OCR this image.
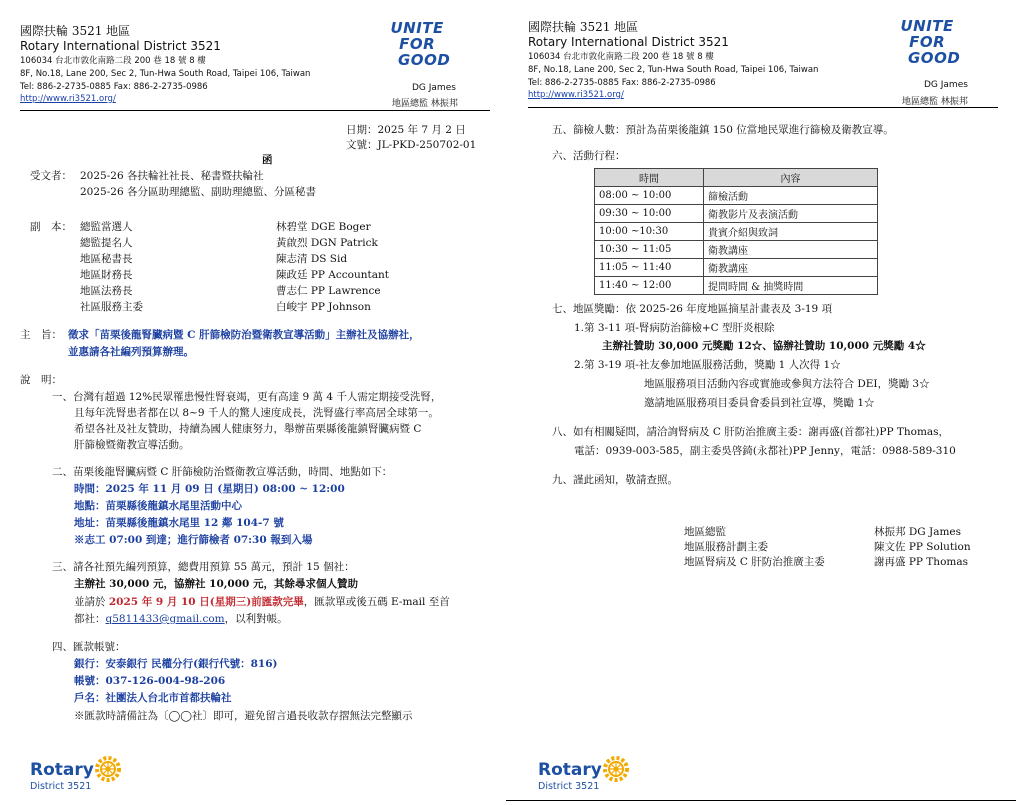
國際扶輪 3521 地區
Rotary International District 3521
106034 台北市敦化南路二段 200 巷 18 號 8 樓
8F, No.18, Lane 200, Sec 2, Tun-Hwa South Road, Taipei 106, Taiwan
Tel: 886-2-2735-0885 Fax: 886-2-2735-0986
http://www.ri3521.org/
UNITE
FOR
GOOD
DG James
地區總監 林振邦
日期：2025 年 7 月 2 日
文號：JL-PKD-250702-01
函
受文者： 2025-26 各扶輪社社長、秘書暨扶輪社
2025-26 各分區助理總監、副助理總監、分區秘書
副　本： 總監當選人	林碧堂 DGE Boger
總監提名人	黃啟烈 DGN Patrick
地區秘書長	陳志清 DS Sid
地區財務長	陳政廷 PP Accountant
地區法務長	曹志仁 PP Lawrence
社區服務主委	白峻宇 PP Johnson
主　旨： 徵求「苗栗後龍腎臟病暨 C 肝篩檢防治暨衛教宣導活動」主辦社及協辦社，
並惠請各社編列預算辦理。
說　明：
一、台灣有超過 12%民眾罹患慢性腎衰竭，更有高達 9 萬 4 千人需定期接受洗腎，
且每年洗腎患者都在以 8~9 千人的驚人速度成長，洗腎盛行率高居全球第一。
希望各社及社友贊助，持續為國人健康努力，舉辦苗栗縣後龍鎮腎臟病暨 C
肝篩檢暨衛教宣導活動。
二、苗栗後龍腎臟病暨 C 肝篩檢防治暨衛教宣導活動，時間、地點如下：
時間：2025 年 11 月 09 日 (星期日) 08:00 ~ 12:00
地點：苗栗縣後龍鎮水尾里活動中心
地址：苗栗縣後龍鎮水尾里 12 鄰 104-7 號
※志工 07:00 到達；進行篩檢者 07:30 報到入場
三、請各社預先編列預算，總費用預算 55 萬元，預計 15 個社：
主辦社 30,000 元，協辦社 10,000 元，其餘尋求個人贊助
並請於 2025 年 9 月 10 日(星期三)前匯款完畢，匯款單或後五碼 E-mail 至首
都社：q5811433@gmail.com，以利對帳。
四、匯款帳號：
銀行：安泰銀行 民權分行(銀行代號：816)
帳號：037-126-004-98-206
戶名：社團法人台北市首都扶輪社
※匯款時請備註為〔◯◯社〕即可，避免留言過長收款存摺無法完整顯示
Rotary
District 3521
國際扶輪 3521 地區
Rotary International District 3521
106034 台北市敦化南路二段 200 巷 18 號 8 樓
8F, No.18, Lane 200, Sec 2, Tun-Hwa South Road, Taipei 106, Taiwan
Tel: 886-2-2735-0885 Fax: 886-2-2735-0986
http://www.ri3521.org/
UNITE
FOR
GOOD
DG James
地區總監 林振邦
五、篩檢人數：預計為苗栗後龍鎮 150 位當地民眾進行篩檢及衛教宣導。
六、活動行程：
時間	內容
08:00 ~ 10:00	篩檢活動
09:30 ~ 10:00	衛教影片及表演活動
10:00 ~10:30	貴賓介紹與致詞
10:30 ~ 11:05	衛教講座
11:05 ~ 11:40	衛教講座
11:40 ~ 12:00	提問時間 & 抽獎時間
七、地區獎勵：依 2025-26 年度地區摘星計畫表及 3-19 項
1.第 3-11 項-腎病防治篩檢+C 型肝炎根除
主辦社贊助 30,000 元獎勵 12☆、協辦社贊助 10,000 元獎勵 4☆
2.第 3-19 項-社友參加地區服務活動，獎勵 1 人次得 1☆
地區服務項目活動內容或實施或參與方法符合 DEI，獎勵 3☆
邀請地區服務項目委員會委員到社宣導，獎勵 1☆
八、如有相關疑問，請洽詢腎病及 C 肝防治推廣主委：謝再盛(首都社)PP Thomas，
電話：0939-003-585，副主委吳啓錡(永都社)PP Jenny，電話：0988-589-310
九、謹此函知，敬請查照。
地區總監	林振邦 DG James
地區服務計劃主委	陳文佐 PP Solution
地區腎病及 C 肝防治推廣主委	謝再盛 PP Thomas
Rotary
District 3521
